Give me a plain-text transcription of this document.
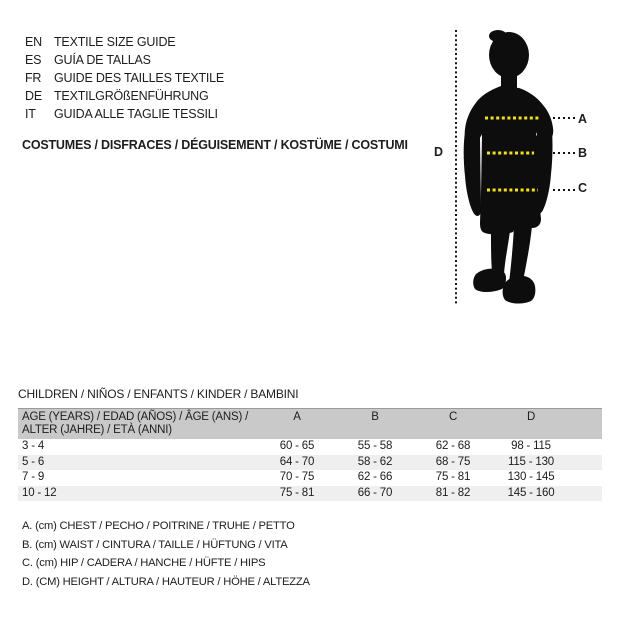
EN TEXTILE SIZE GUIDE
ES GUÍA DE TALLAS
FR GUIDE DES TAILLES TEXTILE
DE TEXTILGRÖßENFÜHRUNG
IT GUIDA ALLE TAGLIE TESSILI
COSTUMES / DISFRACES / DÉGUISEMENT / KOSTÜME / COSTUMI
A
B
C
D
CHILDREN / NIÑOS / ENFANTS / KINDER / BAMBINI
AGE (YEARS) / EDAD (AÑOS) / ÂGE (ANS) /
ALTER (JAHRE) / ETÀ (ANNI)
A	B	C	D
3 - 4	60 - 65	55 - 58	62 - 68	98 - 115
5 - 6	64 - 70	58 - 62	68 - 75	115 - 130
7 - 9	70 - 75	62 - 66	75 - 81	130 - 145
10 - 12	75 - 81	66 - 70	81 - 82	145 - 160
A. (cm) CHEST / PECHO / POITRINE / TRUHE / PETTO
B. (cm) WAIST / CINTURA / TAILLE / HÜFTUNG / VITA
C. (cm) HIP / CADERA / HANCHE / HÜFTE / HIPS
D. (CM) HEIGHT / ALTURA / HAUTEUR / HÖHE / ALTEZZA
